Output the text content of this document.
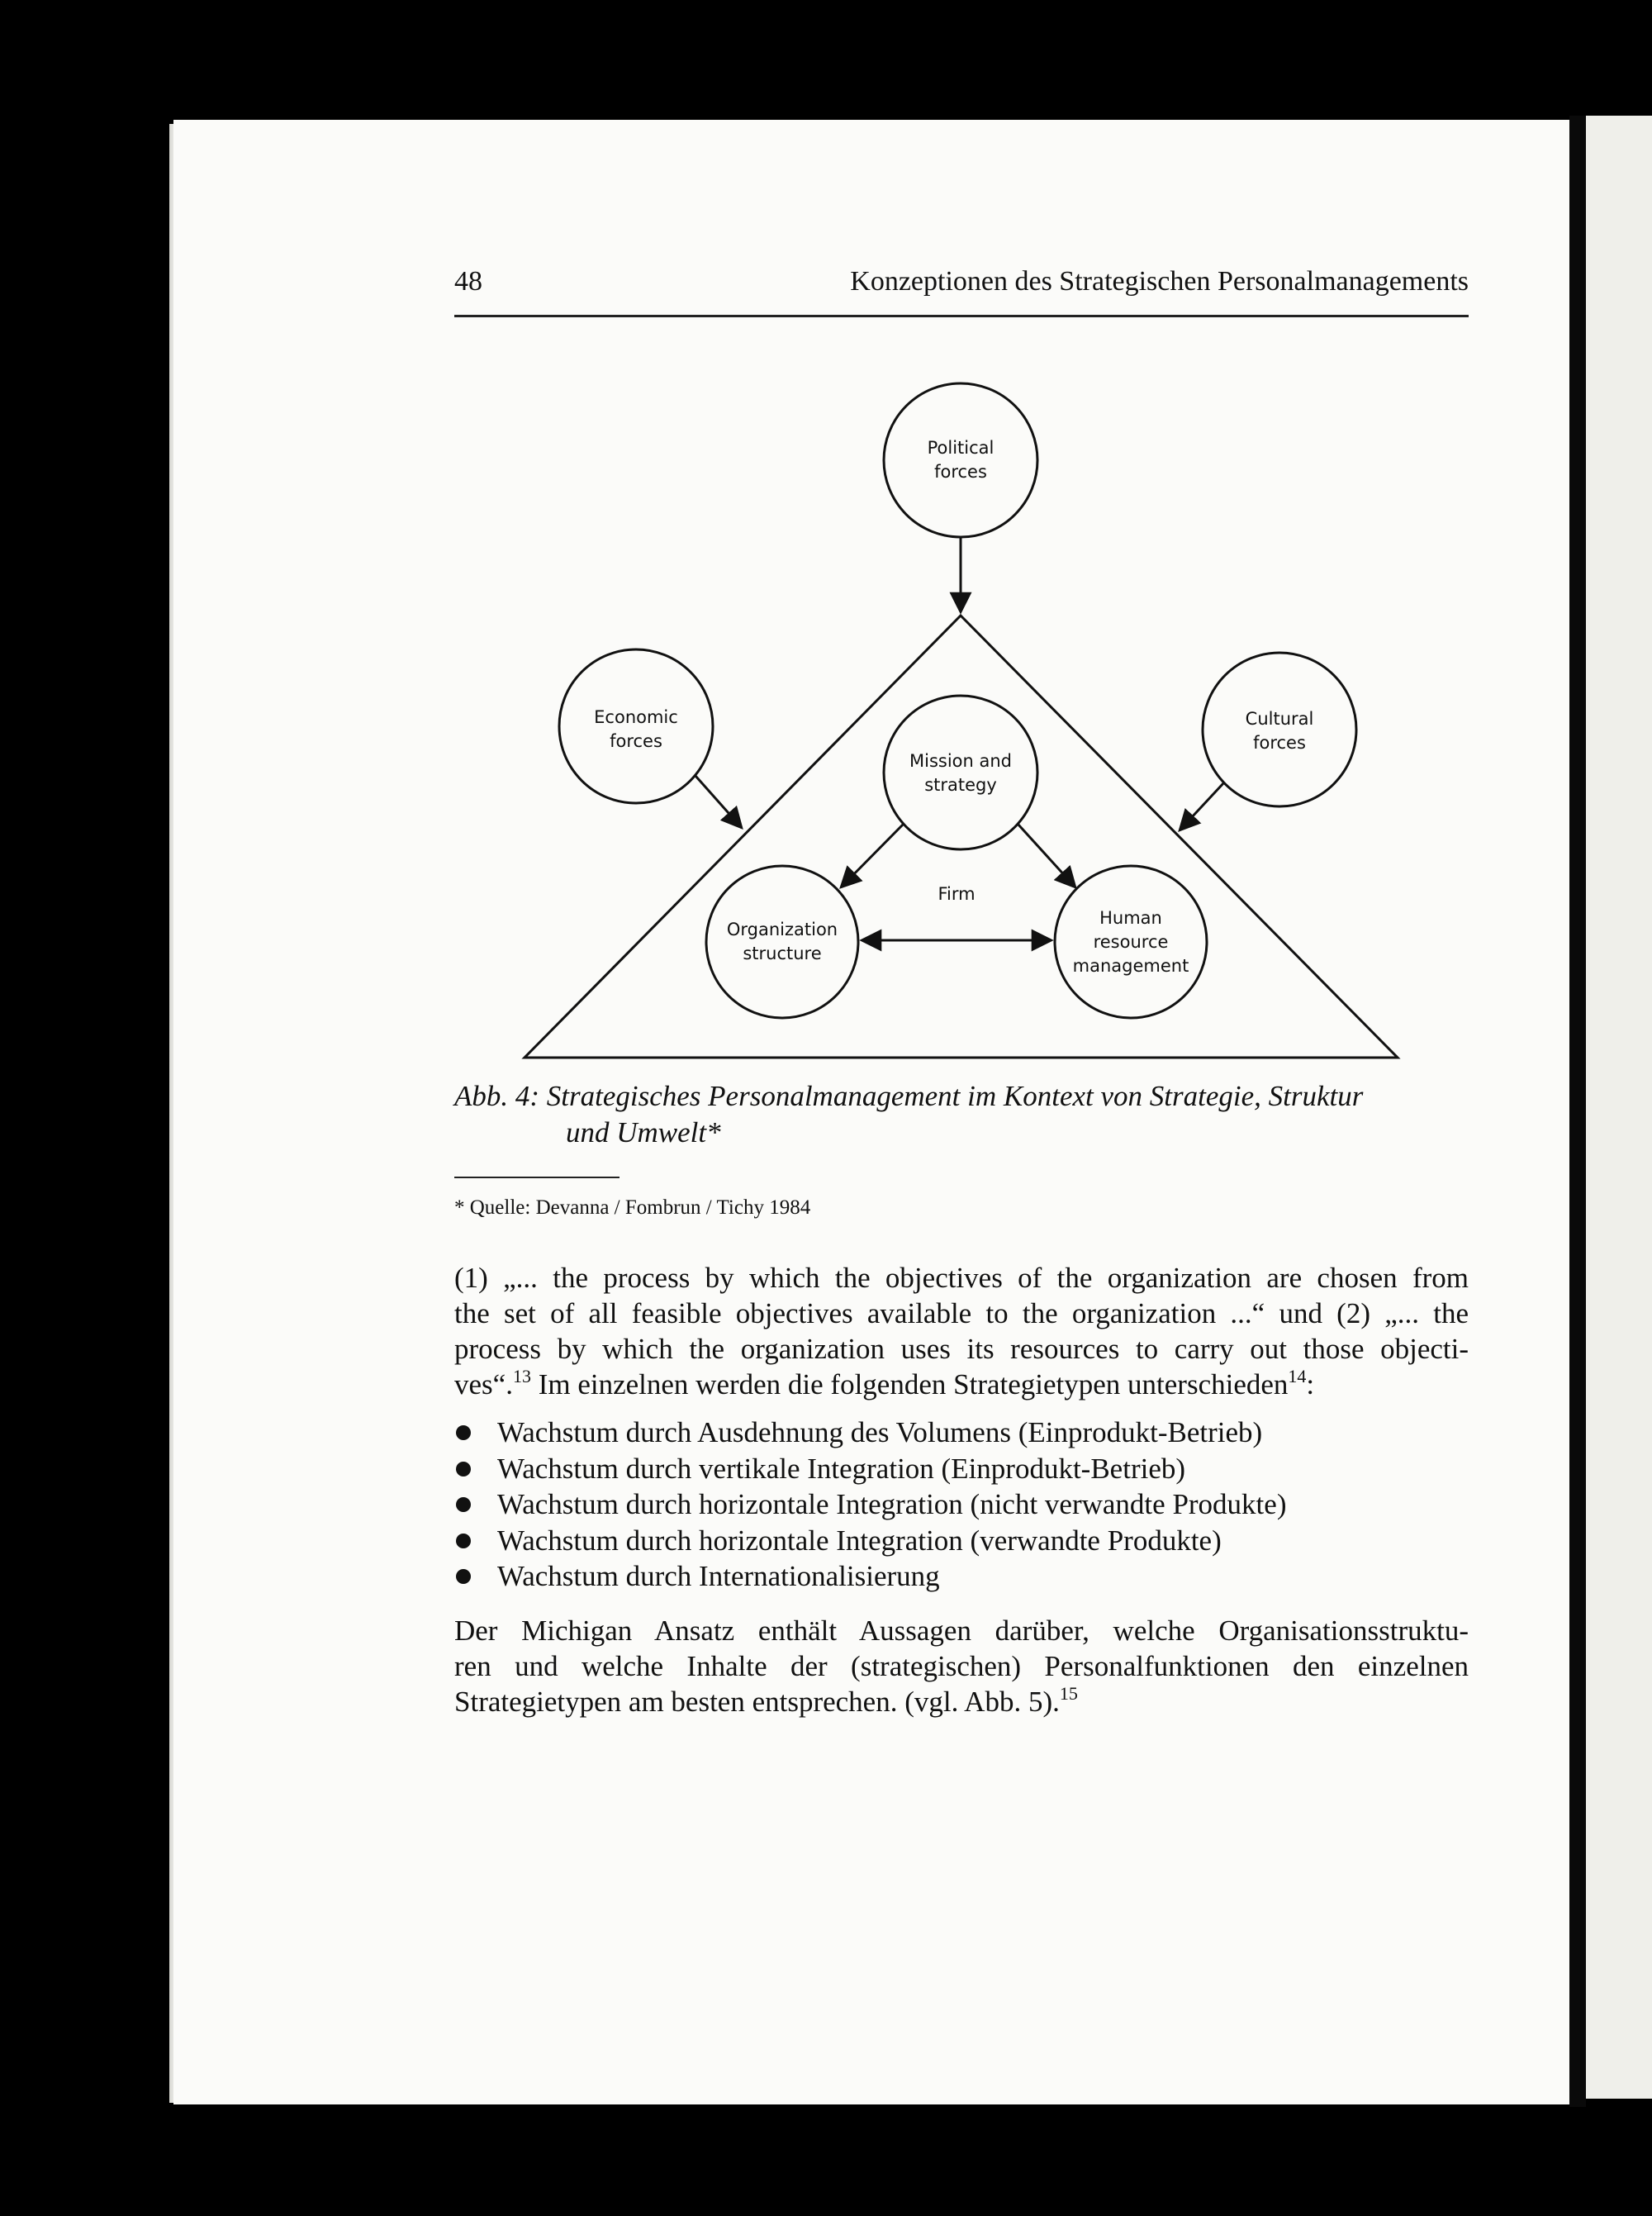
48	Konzeptionen des Strategischen Personalmanagements
Political
forces
Economic
forces
Cultural
forces
Mission and
strategy
Organization
structure
Human
resource
management
Firm
Abb. 4: Strategisches Personalmanagement im Kontext von Strategie, Struktur
und Umwelt*
* Quelle: Devanna / Fombrun / Tichy 1984
(1) „... the process by which the objectives of the organization are chosen from
the set of all feasible objectives available to the organization ...“ und (2) „... the
process by which the organization uses its resources to carry out those objecti-
ves“.$^{13}$ Im einzelnen werden die folgenden Strategietypen unterschieden$^{14}$:
Wachstum durch Ausdehnung des Volumens (Einprodukt-Betrieb)
Wachstum durch vertikale Integration (Einprodukt-Betrieb)
Wachstum durch horizontale Integration (nicht verwandte Produkte)
Wachstum durch horizontale Integration (verwandte Produkte)
Wachstum durch Internationalisierung
Der Michigan Ansatz enthält Aussagen darüber, welche Organisationsstruktu-
ren und welche Inhalte der (strategischen) Personalfunktionen den einzelnen
Strategietypen am besten entsprechen. (vgl. Abb. 5).$^{15}$
